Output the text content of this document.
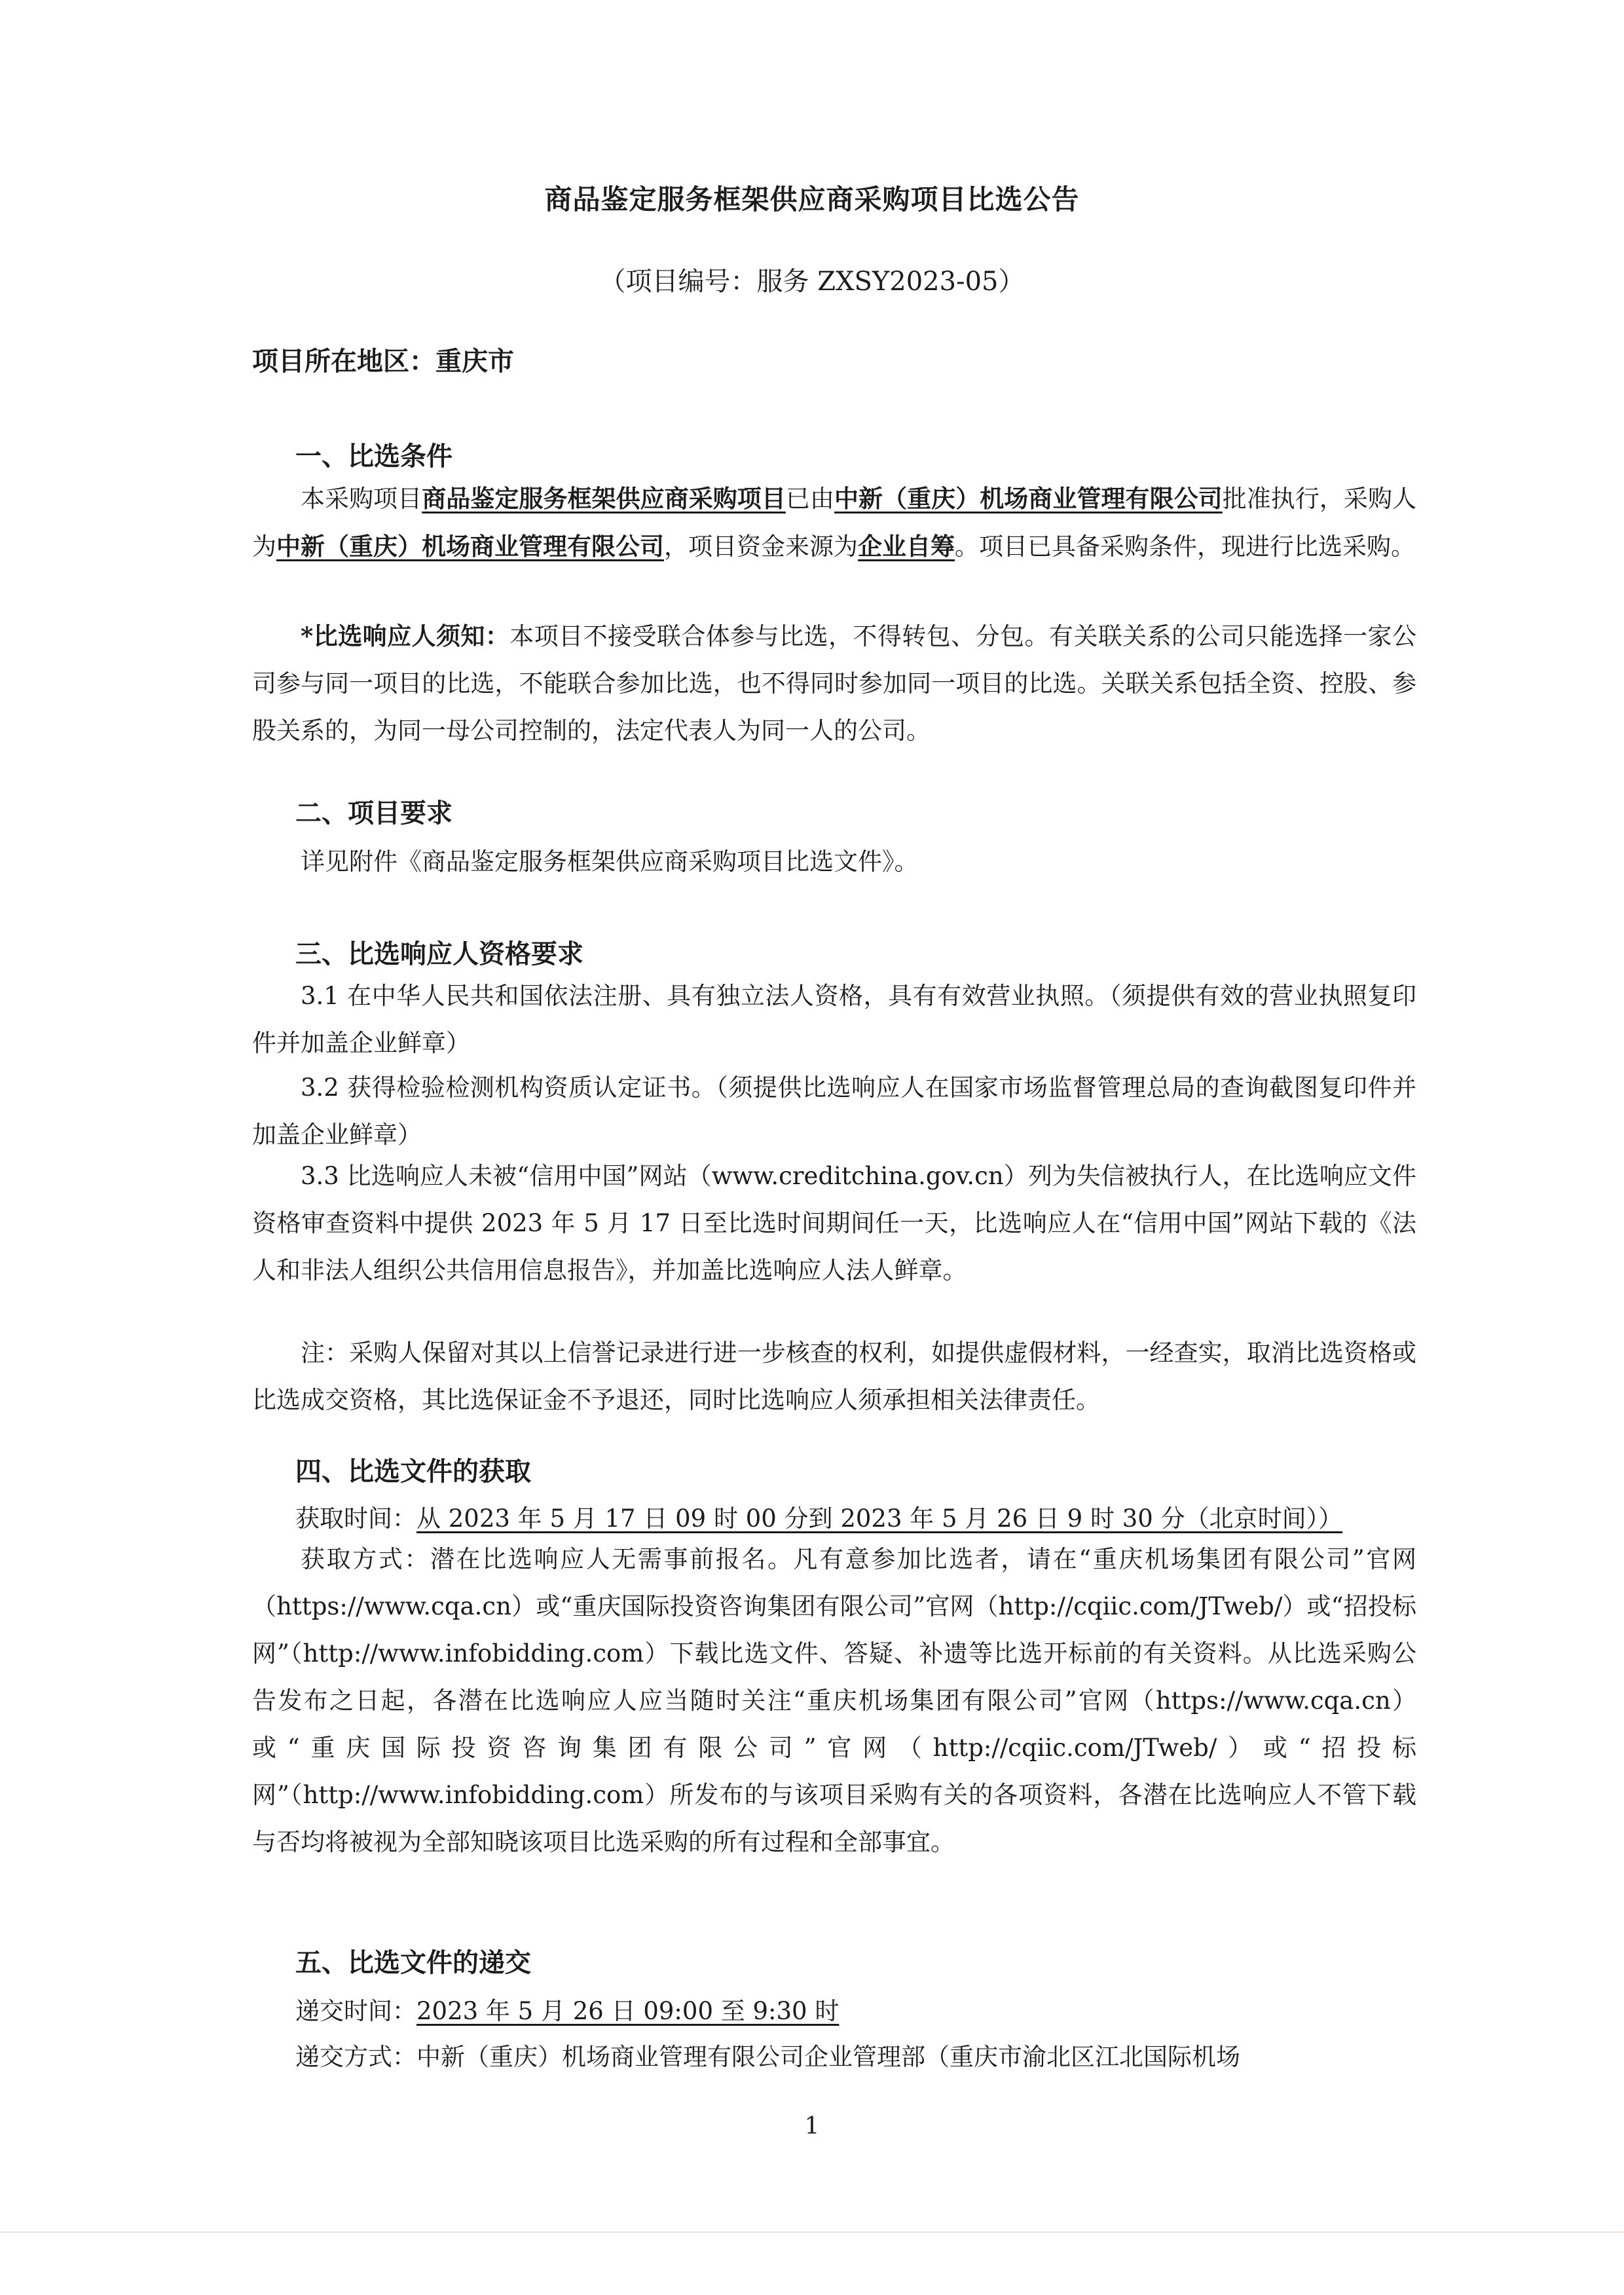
商品鉴定服务框架供应商采购项目比选公告
（项目编号：服务 ZXSY2023-05）
项目所在地区：重庆市
一、比选条件
本采购项目商品鉴定服务框架供应商采购项目已由中新（重庆）机场商业管理有限公司批准执行，采购人为中新（重庆）机场商业管理有限公司，项目资金来源为企业自筹。项目已具备采购条件，现进行比选采购。
*比选响应人须知：本项目不接受联合体参与比选，不得转包、分包。有关联关系的公司只能选择一家公司参与同一项目的比选，不能联合参加比选，也不得同时参加同一项目的比选。关联关系包括全资、控股、参股关系的，为同一母公司控制的，法定代表人为同一人的公司。
二、项目要求
详见附件《商品鉴定服务框架供应商采购项目比选文件》。
三、比选响应人资格要求
3.1 在中华人民共和国依法注册、具有独立法人资格，具有有效营业执照。（须提供有效的营业执照复印件并加盖企业鲜章）
3.2 获得检验检测机构资质认定证书。（须提供比选响应人在国家市场监督管理总局的查询截图复印件并加盖企业鲜章）
3.3 比选响应人未被“信用中国”网站（www.creditchina.gov.cn）列为失信被执行人，在比选响应文件资格审查资料中提供 2023 年 5 月 17 日至比选时间期间任一天，比选响应人在“信用中国”网站下载的《法人和非法人组织公共信用信息报告》，并加盖比选响应人法人鲜章。
注：采购人保留对其以上信誉记录进行进一步核查的权利，如提供虚假材料，一经查实，取消比选资格或比选成交资格，其比选保证金不予退还，同时比选响应人须承担相关法律责任。
四、比选文件的获取
获取时间：从 2023 年 5 月 17 日 09 时 00 分到 2023 年 5 月 26 日 9 时 30 分（北京时间））
获取方式：潜在比选响应人无需事前报名。凡有意参加比选者，请在“重庆机场集团有限公司”官网（https://www.cqa.cn）或“重庆国际投资咨询集团有限公司”官网（http://cqiic.com/JTweb/）或“招投标网”（http://www.infobidding.com）下载比选文件、答疑、补遗等比选开标前的有关资料。从比选采购公告发布之日起，各潜在比选响应人应当随时关注“重庆机场集团有限公司”官网（https://www.cqa.cn）或“重庆国际投资咨询集团有限公司”官网（http://cqiic.com/JTweb/）或“招投标网”（http://www.infobidding.com）所发布的与该项目采购有关的各项资料，各潜在比选响应人不管下载与否均将被视为全部知晓该项目比选采购的所有过程和全部事宜。
五、比选文件的递交
递交时间：2023 年 5 月 26 日 09:00 至 9:30 时
递交方式：中新（重庆）机场商业管理有限公司企业管理部（重庆市渝北区江北国际机场
1
